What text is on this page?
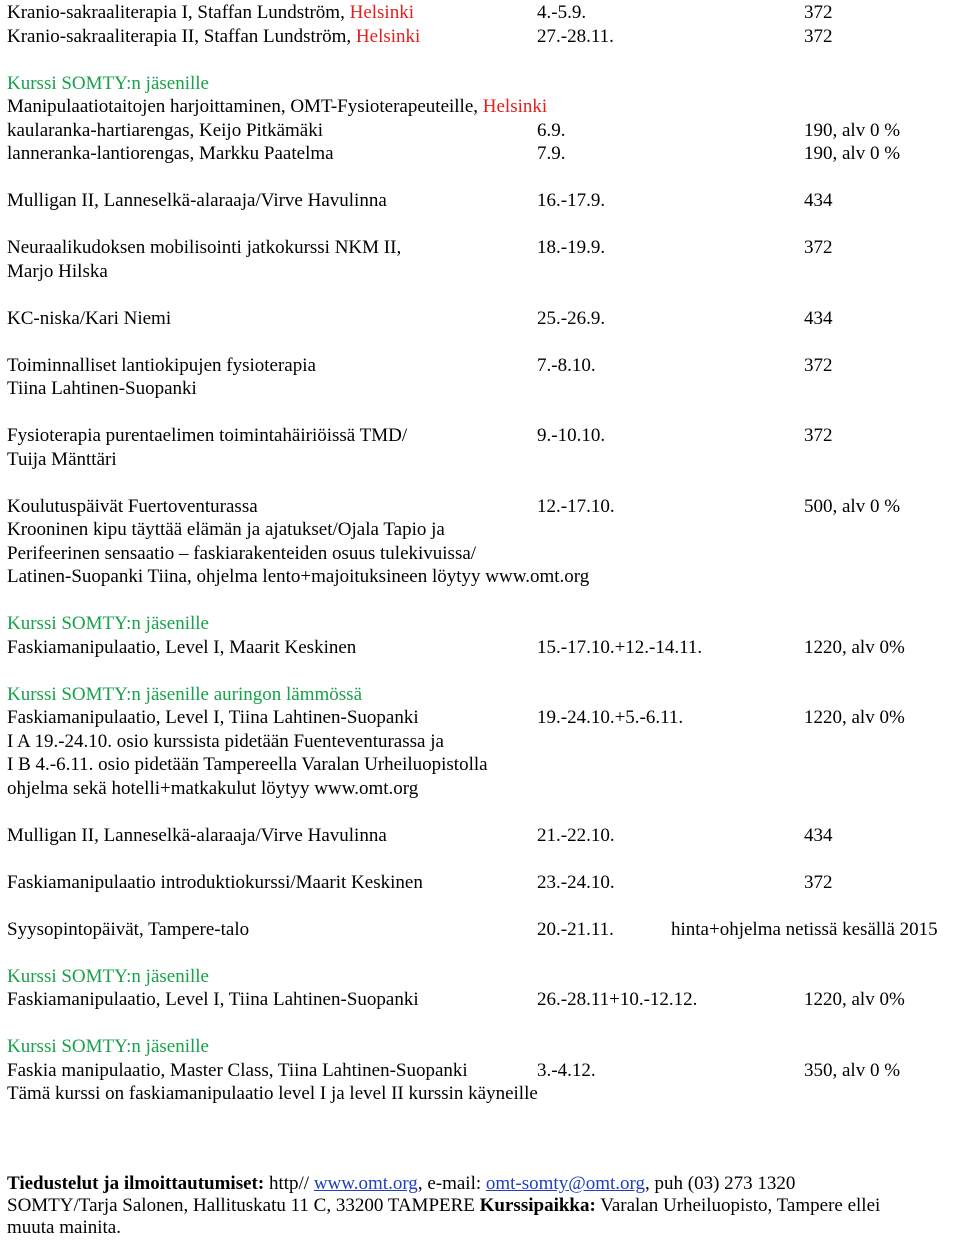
Kranio-sakraaliterapia I, Staffan Lundström, Helsinki	4.-5.9.	372
Kranio-sakraaliterapia II, Staffan Lundström, Helsinki	27.-28.11.	372
Kurssi SOMTY:n jäsenille
Manipulaatiotaitojen harjoittaminen, OMT-Fysioterapeuteille, Helsinki
kaularanka-hartiarengas, Keijo Pitkämäki	6.9.	190, alv 0 %
lanneranka-lantiorengas, Markku Paatelma	7.9.	190, alv 0 %
Mulligan II, Lanneselkä-alaraaja/Virve Havulinna	16.-17.9.	434
Neuraalikudoksen mobilisointi jatkokurssi NKM II,	18.-19.9.	372
Marjo Hilska
KC-niska/Kari Niemi	25.-26.9.	434
Toiminnalliset lantiokipujen fysioterapia	7.-8.10.	372
Tiina Lahtinen-Suopanki
Fysioterapia purentaelimen toimintahäiriöissä TMD/	9.-10.10.	372
Tuija Mänttäri
Koulutuspäivät Fuertoventurassa	12.-17.10.	500, alv 0 %
Krooninen kipu täyttää elämän ja ajatukset/Ojala Tapio ja
Perifeerinen sensaatio – faskiarakenteiden osuus tulekivuissa/
Latinen-Suopanki Tiina, ohjelma lento+majoituksineen löytyy www.omt.org
Kurssi SOMTY:n jäsenille
Faskiamanipulaatio, Level I, Maarit Keskinen	15.-17.10.+12.-14.11.	1220, alv 0%
Kurssi SOMTY:n jäsenille auringon lämmössä
Faskiamanipulaatio, Level I, Tiina Lahtinen-Suopanki	19.-24.10.+5.-6.11.	1220, alv 0%
I A 19.-24.10. osio kurssista pidetään Fuenteventurassa ja
I B 4.-6.11. osio pidetään Tampereella Varalan Urheiluopistolla
ohjelma sekä hotelli+matkakulut löytyy www.omt.org
Mulligan II, Lanneselkä-alaraaja/Virve Havulinna	21.-22.10.	434
Faskiamanipulaatio introduktiokurssi/Maarit Keskinen	23.-24.10.	372
Syysopintopäivät, Tampere-talo	20.-21.11.	hinta+ohjelma netissä kesällä 2015
Kurssi SOMTY:n jäsenille
Faskiamanipulaatio, Level I, Tiina Lahtinen-Suopanki	26.-28.11+10.-12.12.	1220, alv 0%
Kurssi SOMTY:n jäsenille
Faskia manipulaatio, Master Class, Tiina Lahtinen-Suopanki	3.-4.12.	350, alv 0 %
Tämä kurssi on faskiamanipulaatio level I ja level II kurssin käyneille
Tiedustelut ja ilmoittautumiset: http// www.omt.org, e-mail: omt-somty@omt.org, puh (03) 273 1320
SOMTY/Tarja Salonen, Hallituskatu 11 C, 33200 TAMPERE Kurssipaikka: Varalan Urheiluopisto, Tampere ellei
muuta mainita.
